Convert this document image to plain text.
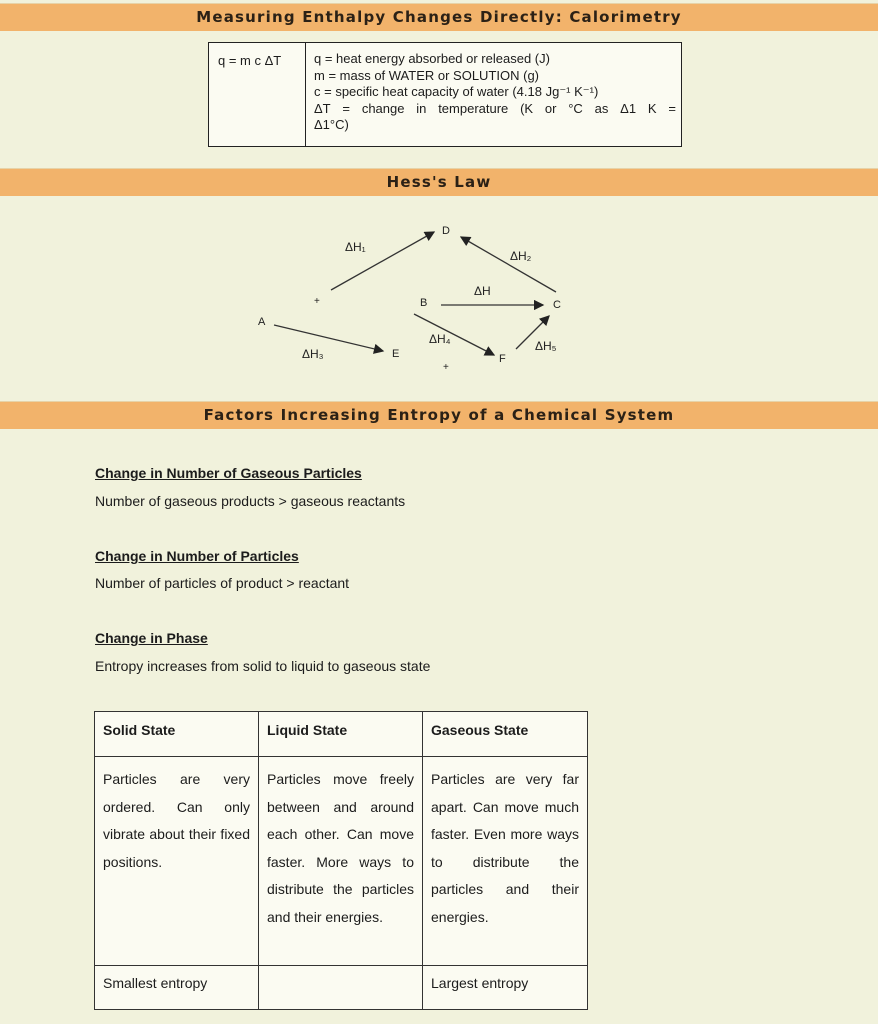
Measuring Enthalpy Changes Directly: Calorimetry
q = m c ΔT	q = heat energy absorbed or released (J)
m = mass of WATER or SOLUTION (g)
c = specific heat capacity of water (4.18 Jg⁻¹ K⁻¹)
ΔT = change in temperature (K or °C as Δ1 K =
Δ1°C)
Hess's Law
D
B	C
A
E	F
ΔH₁
ΔH₂
ΔH
ΔH₃
ΔH₄	ΔH₅
+
+
Factors Increasing Entropy of a Chemical System
Change in Number of Gaseous Particles
Number of gaseous products > gaseous reactants
Change in Number of Particles
Number of particles of product > reactant
Change in Phase
Entropy increases from solid to liquid to gaseous state
Solid State	Liquid State	Gaseous State
Particles are very ordered. Can only vibrate about their fixed positions.	Particles move freely between and around each other. Can move faster. More ways to distribute the particles and their energies.	Particles are very far apart. Can move much faster. Even more ways to distribute the particles and their energies.
Smallest entropy		Largest entropy
